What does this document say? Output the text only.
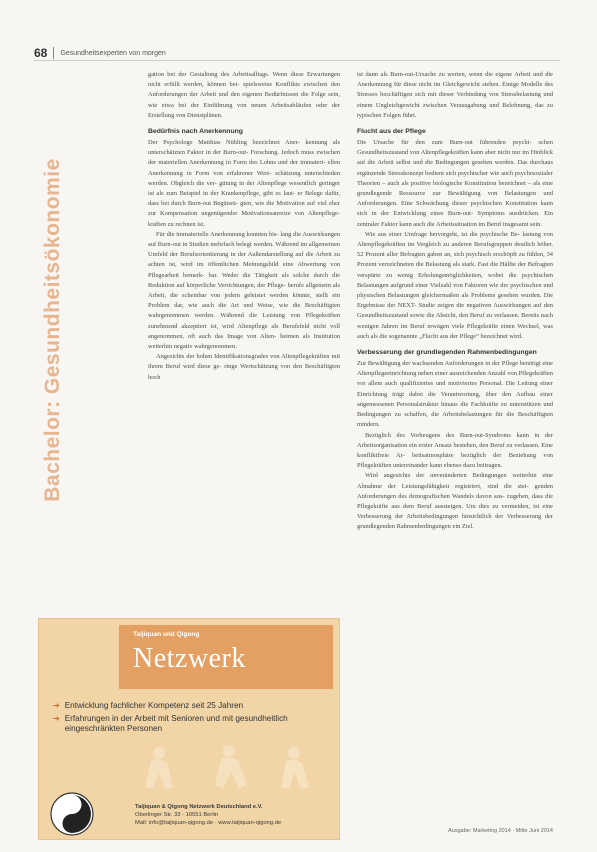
68 Gesundheitsexperten von morgen
Bachelor: Gesundheitsökonomie

gation bei der Gestaltung des Arbeitsalltags. Wenn diese Erwartungen nicht erfüllt werden, können bei- spielsweise Konflikte zwischen den Anforderungen der Arbeit und den eigenen Bedürfnissen die Folge sein, wie etwa bei der Einführung von neuen Arbeitsabläufen oder der Erstellung von Dienstplänen.

Bedürfnis nach Anerkennung

Der Psychologe Matthias Nübling bezeichnet Aner- kennung als unterschätzten Faktor in der Burn-out- Forschung. Jedoch muss zwischen der materiellen Anerkennung in Form des Lohns und der immateri- ellen Anerkennung in Form von erfahrener Wert- schätzung unterschieden werden. Obgleich die ver- gütung in der Altenpflege wesentlich geringer ist als zum Beispiel in der Krankenpflege, gibt es laut- er Belege dafür, dass bei durch Burn-out Begünsti- gten, wie die Motivation auf viel eher zur Kompensation ungenügender Motivationsanreize von Altenpflege- kräften zu rechnen ist.

Für die immaterielle Anerkennung konnten bis- lang die Auswirkungen auf Burn-out in Studien mehrfach belegt werden. Während im allgemeinen Umfeld der Berufsorientierung in der Außendarstellung auf die Arbeit zu achten ist, wird im öffentlichen Meinungsbild eine Abwertung von Pflegearbeit bemerk- bar. Weder die Tätigkeit als solche durch die Reduktion auf körperliche Verrichtungen, der Pflege- berufe allgemein als Arbeit, die scheinbar von jedem geleistet werden könnte, stellt ein Problem dar, wie auch die Art und Weise, wie die Beschäftigten wahrgenommen werden. Während die Leistung von Pflegekräften zunehmend akzeptiert ist, wird Altenpflege als Berufsfeld nicht voll angenommen, oft auch das Image von Alten- heimen als Institution weiterhin negativ wahrgenommen.

Angesichts der hohen Identifikationsgrades von Altenpflegekräften mit ihrem Beruf wird diese ge- ringe Wertschätzung von den Beschäftigten hoch

ist dann als Burn-out-Ursache zu werten, wenn die eigene Arbeit und die Anerkennung für diese nicht im Gleichgewicht stehen. Einige Modelle des Stresses beschäftigen sich mit dieser Verbindung von Stressbelastung und einem Ungleichgewicht zwischen Verausgabung und Belohnung, das zu typischen Folgen führt.

Flucht aus der Pflege

Die Ursache für den zum Burn-out führenden psychi- schen Gesundheitszustand von Altenpflegekräften kann aber nicht nur im Hinblick auf die Arbeit selbst und die Bedingungen gesehen werden. Das durchaus ergänzende Stresskonzept bedient sich psychischer wie auch psychosozialer Theorien – auch als positive biologische Konstitution bezeichnet – als eine grundlegende Ressource zur Bewältigung von Belastungen und Anforderungen. Eine Schwächung dieser psychischen Konstitution kann sich in der Entwicklung eines Burn-out- Symptoms ausdrücken. Ein zentraler Faktor kann auch die Arbeitssituation im Beruf insgesamt sein.

Wie aus einer Umfrage hervorgeht, ist die psychische Be- lastung von Altenpflegekräften im Vergleich zu anderen Berufsgruppen deutlich höher. 52 Prozent aller Befragten gaben an, sich psychisch erschöpft zu fühlen, 34 Prozent verzeichneten die Belastung als stark. Fast die Hälfte der Befragten verspürte zu wenig Erholungsmöglichkeiten, wobei die psychischen Belastungen aufgrund einer Vielzahl von Faktoren wie der psychischen und physischen Belastungen gleichermaßen als Probleme gesehen wurden. Die Ergebnisse der NEXT- Studie zeigen die negativen Auswirkungen auf den Gesundheitszustand sowie die Absicht, den Beruf zu verlassen. Bereits nach wenigen Jahren im Beruf erwägen viele Pflegekräfte einen Wechsel, was auch als die sogenannte „Flucht aus der Pflege“ bezeichnet wird.

Verbesserung der grundlegenden Rahmenbedingungen

Zur Bewältigung der wachsenden Anforderungen in der Pflege benötigt eine Altenpflegeeinrichtung neben einer ausreichenden Anzahl von Pflegekräften vor allem auch qualifiziertes und motiviertes Personal. Die Leitung einer Einrichtung trägt dabei die Verantwortung, über den Aufbau einer angemessenen Personalstruktur hinaus die Fachkräfte zu unterstützen und Bedingungen zu schaffen, die Arbeitsbelastungen für die Beschäftigten mindern.

Bezüglich des Vorbeugens des Burn-out-Syndroms kann in der Arbeitsorganisation ein erster Ansatz bestehen, den Beruf zu verlassen. Eine konfliktfreie Ar- beitsatmosphäre bezüglich der Beziehung von Pflegekräften untereinander kann ebenso dazu beitragen.

Wird angesichts der unveränderten Bedingungen weiterhin eine Abnahme der Leistungsfähigkeit registriert, sind die stei- genden Anforderungen des demografischen Wandels davon aus- zugehen, dass die Pflegekräfte aus dem Beruf aussteigen. Um dies zu vermeiden, ist eine Verbesserung der Arbeitsbedingungen hinsichtlich der Verbesserung der grundlegenden Rahmenbedingungen ein Ziel.

Taijiquan und Qigong
Netzwerk
➔ Entwicklung fachlicher Kompetenz seit 25 Jahren
➔ Erfahrungen in der Arbeit mit Senioren und mit gesundheitlich eingeschränkten Personen
Taijiquan & Qigong Netzwerk Deutschland e.V.
Oberlinger Str. 33 · 10551 Berlin
Mail: info@taijiquan-qigong.de · www.taijiquan-qigong.de
Ausgabe: Marketing 2014 · Mitte Juni 2014
